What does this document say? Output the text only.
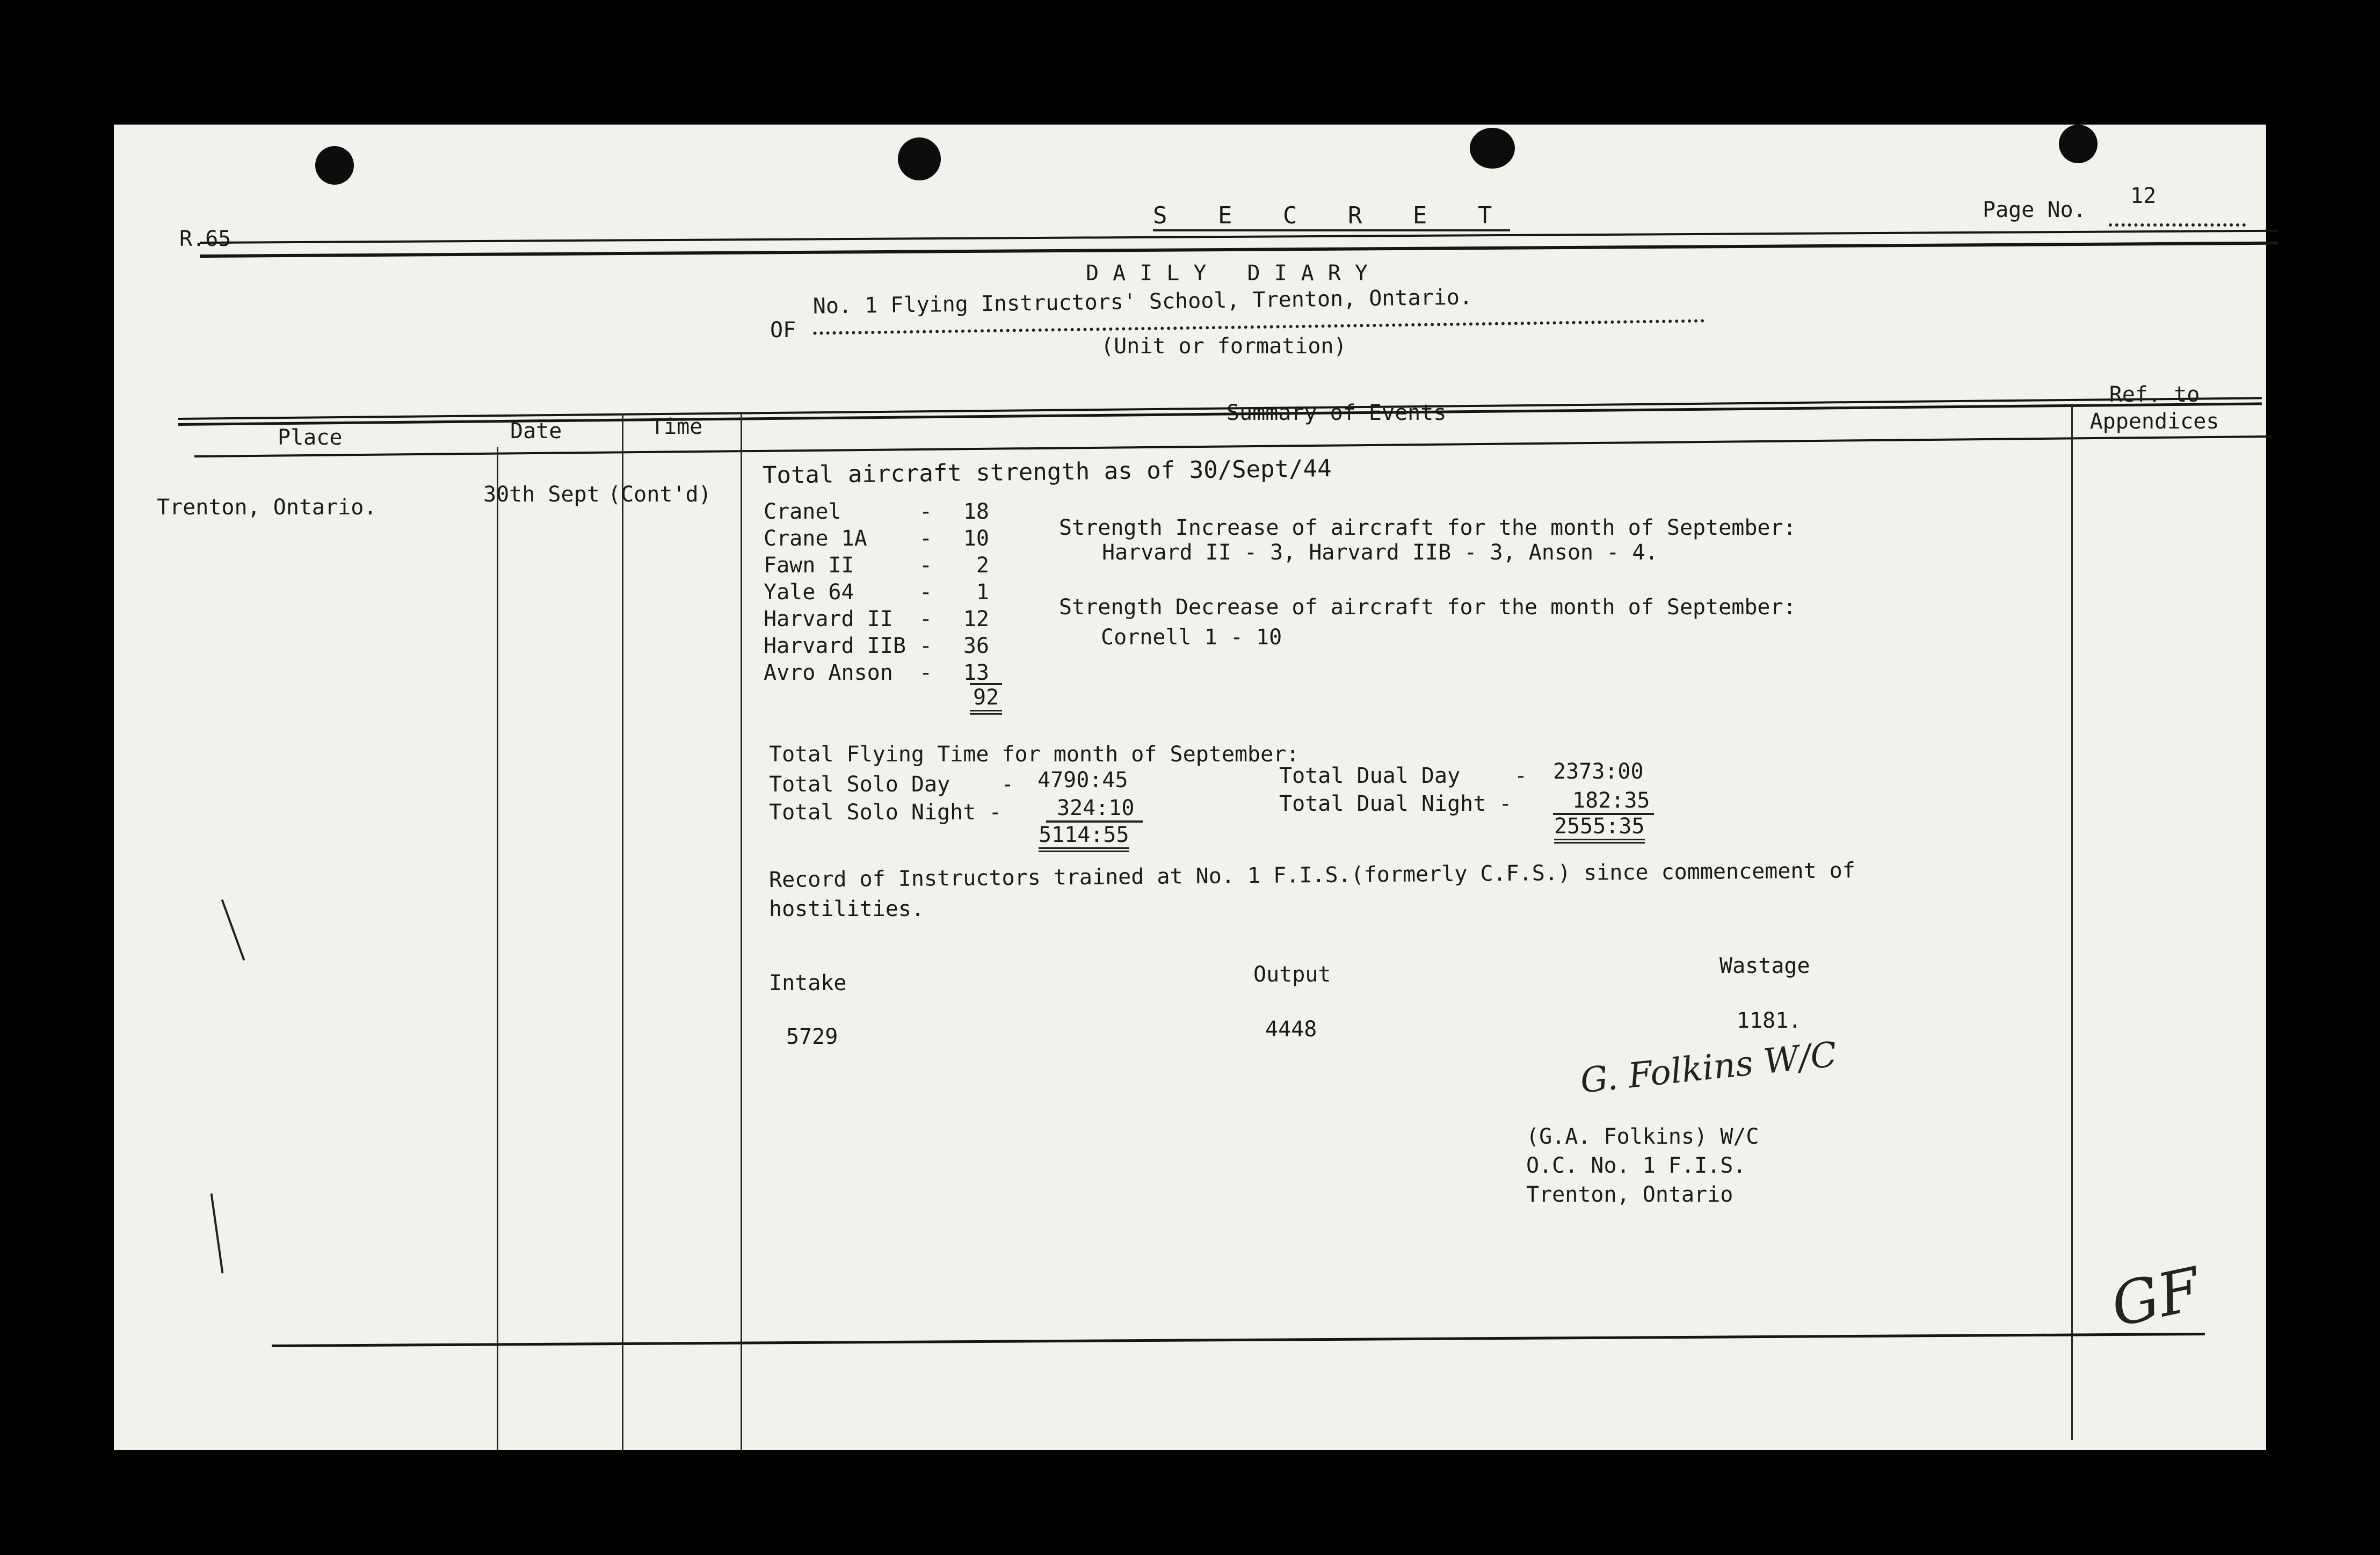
R.65
S E C R E T	Page No.
12
DAILY DIARY
OF
No. 1 Flying Instructors' School, Trenton, Ontario.
(Unit or formation)
Place	Date	Time
Summary of Events
Ref. to Appendices
Trenton, Ontario.
30th Sept (Cont'd)
Total aircraft strength as of 30/Sept/44
Cranel	- 18
Crane 1A - 10
Fawn II	- 2
Yale 64	- 1
Harvard II - 12
Harvard IIB - 36
Avro Anson - 13
92
Strength Increase of aircraft for the month of September:
Harvard II - 3, Harvard IIB - 3, Anson - 4.
Strength Decrease of aircraft for the month of September:
Cornell 1 - 10
Total Flying Time for month of September:
Total Solo Day - 4790:45
Total Solo Night -	324:10
5114:55
Total Dual Day	- 2373:00
Total Dual Night -	182:35
2555:35
Record of Instructors trained at No. 1 F.I.S.(formerly C.F.S.) since commencement of
hostilities.
Intake	Output	Wastage
5729	4448	1181.
G. Folkins W/C
(G.A. Folkins) W/C
O.C. No. 1 F.I.S.
Trenton, Ontario
GF
